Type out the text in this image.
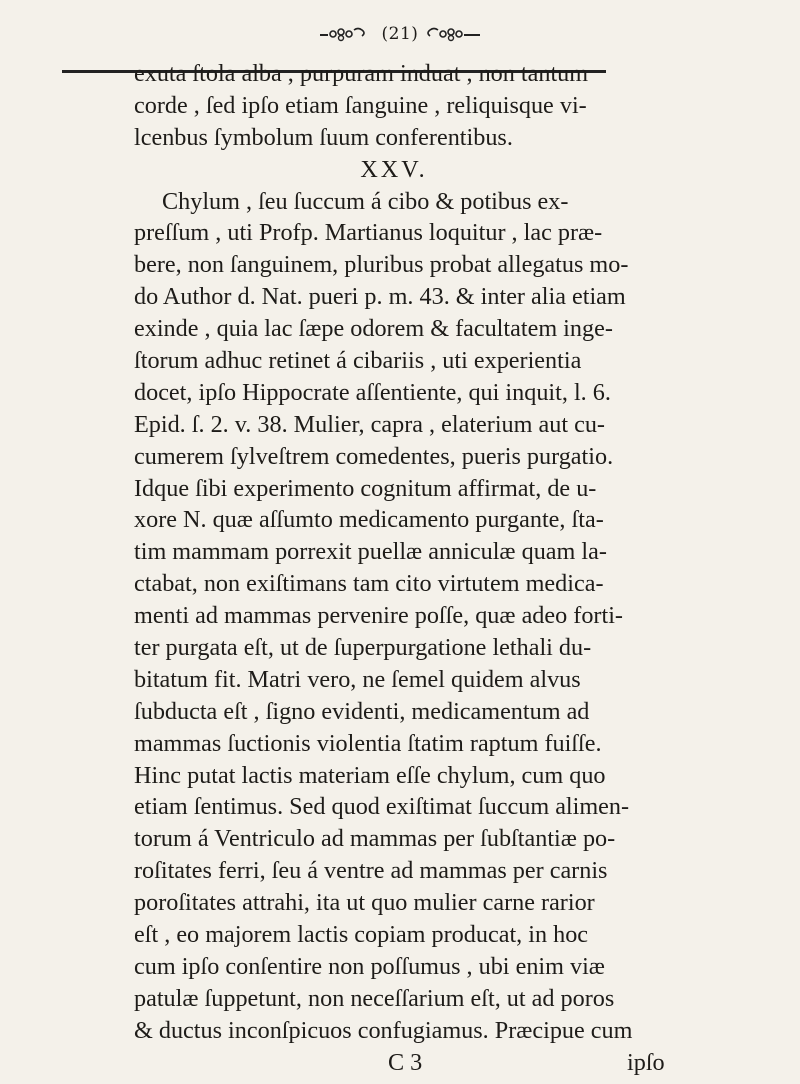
(21)
exuta ſtola alba , purpuram induat , non tantum
corde , ſed ipſo etiam ſanguine , reliquisque vi-
lcenbus ſymbolum ſuum conferentibus.
XXV.
Chylum , ſeu ſuccum á cibo & potibus ex-
preſſum , uti Profp. Martianus loquitur , lac præ-
bere, non ſanguinem, pluribus probat allegatus mo-
do Author d. Nat. pueri p. m. 43. & inter alia etiam
exinde , quia lac ſæpe odorem & facultatem inge-
ſtorum adhuc retinet á cibariis , uti experientia
docet, ipſo Hippocrate aſſentiente, qui inquit, l. 6.
Epid. ſ. 2. v. 38. Mulier, capra , elaterium aut cu-
cumerem ſylveſtrem comedentes, pueris purgatio.
Idque ſibi experimento cognitum affirmat, de u-
xore N. quæ aſſumto medicamento purgante, ſta-
tim mammam porrexit puellæ anniculæ quam la-
ctabat, non exiſtimans tam cito virtutem medica-
menti ad mammas pervenire poſſe, quæ adeo forti-
ter purgata eſt, ut de ſuperpurgatione lethali du-
bitatum fit. Matri vero, ne ſemel quidem alvus
ſubducta eſt , ſigno evidenti, medicamentum ad
mammas ſuctionis violentia ſtatim raptum fuiſſe.
Hinc putat lactis materiam eſſe chylum, cum quo
etiam ſentimus. Sed quod exiſtimat ſuccum alimen-
torum á Ventriculo ad mammas per ſubſtantiæ po-
roſitates ferri, ſeu á ventre ad mammas per carnis
poroſitates attrahi, ita ut quo mulier carne rarior
eſt , eo majorem lactis copiam producat, in hoc
cum ipſo conſentire non poſſumus , ubi enim viæ
patulæ ſuppetunt, non neceſſarium eſt, ut ad poros
& ductus inconſpicuos confugiamus. Præcipue cum
C 3	ipſo
